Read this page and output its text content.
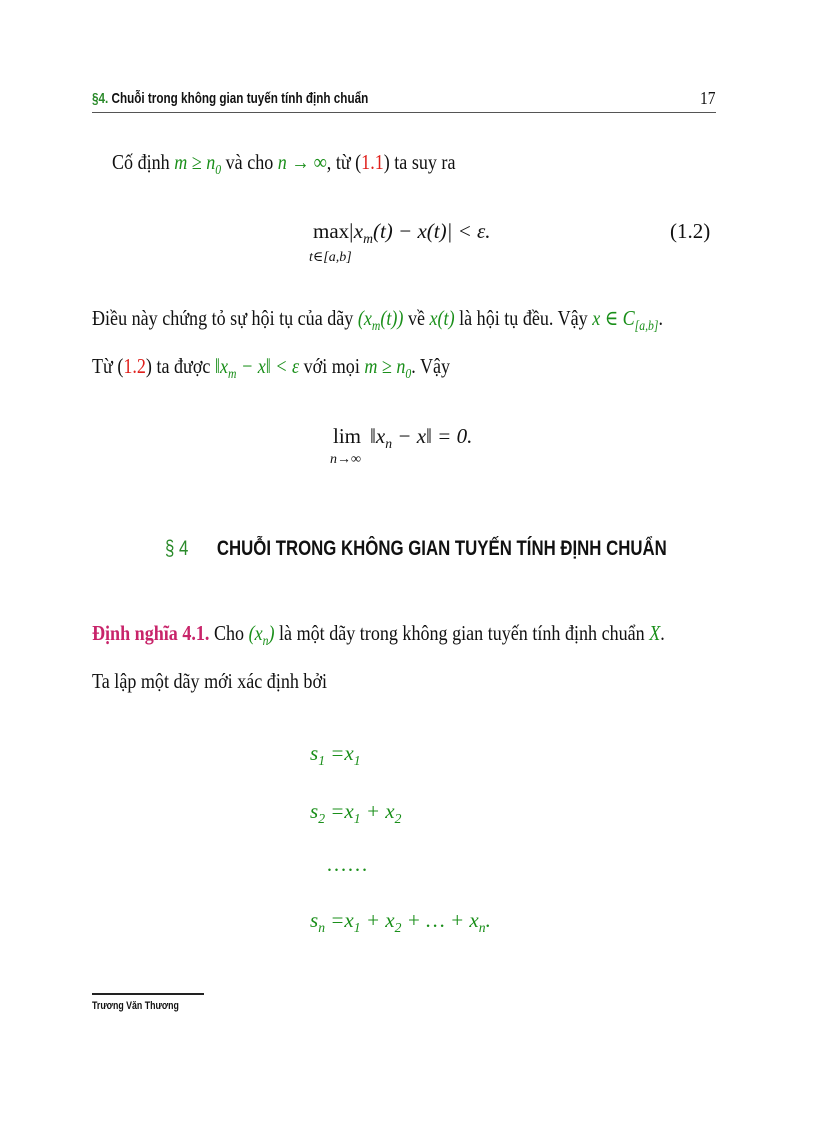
§4. Chuỗi trong không gian tuyến tính định chuẩn	17
Cố định $m \ge n_0$ và cho n → ∞, từ (1.1) ta suy ra
max
t∈[a,b]
$|x_m(t) - x(t)| < \varepsilon$.	(1.2)
Điều này chứng tỏ sự hội tụ của dãy $(x_m(t))$ về x(t) là hội tụ đều. Vậy x ∈ $C_{[a,b]}$.
Từ (1.2) ta được $‖x_m$ − x‖ < ε với mọi $m \ge n_0$. Vậy
lim
n→∞
$‖x_n$ − x‖ = 0.
§ 4 CHUỖI TRONG KHÔNG GIAN TUYẾN TÍNH ĐỊNH CHUẨN
Định nghĩa 4.1. Cho $(x_n)$ là một dãy trong không gian tuyến tính định chuẩn X.
Ta lập một dãy mới xác định bởi
$s_1 =x_1$
$s_2 =x_1 + x_2$
……
$s_n =x_1 + x_2$ + … + $x_n$.
Trương Văn Thương
